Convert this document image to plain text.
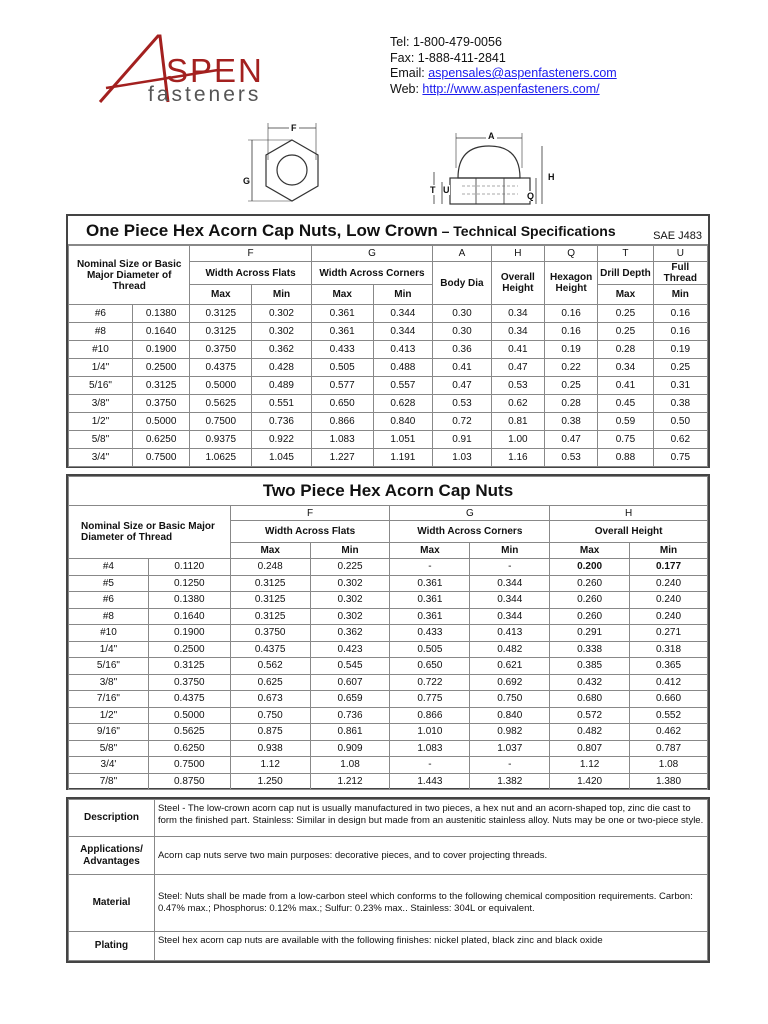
SPEN
fasteners
Tel: 1-800-479-0056
Fax: 1-888-411-2841
Email: aspensales@aspenfasteners.com
Web: http://www.aspenfasteners.com/
F
G
A
H
T U
Q
One Piece Hex Acorn Cap Nuts, Low Crown – Technical Specifications	SAE J483
Nominal Size or Basic Major Diameter of Thread		F		G		A	H	Q	T	U
		Width Across Flats		Width Across Corners		Body Dia	Overall Height	Hexagon Height	Drill Depth	Full Thread
		Max	Min	Max	Min				Max	Min
#6	0.1380	0.3125	0.302	0.361	0.344	0.30	0.34	0.16	0.25	0.16
#8	0.1640	0.3125	0.302	0.361	0.344	0.30	0.34	0.16	0.25	0.16
#10	0.1900	0.3750	0.362	0.433	0.413	0.36	0.41	0.19	0.28	0.19
1/4"	0.2500	0.4375	0.428	0.505	0.488	0.41	0.47	0.22	0.34	0.25
5/16"	0.3125	0.5000	0.489	0.577	0.557	0.47	0.53	0.25	0.41	0.31
3/8"	0.3750	0.5625	0.551	0.650	0.628	0.53	0.62	0.28	0.45	0.38
1/2"	0.5000	0.7500	0.736	0.866	0.840	0.72	0.81	0.38	0.59	0.50
5/8"	0.6250	0.9375	0.922	1.083	1.051	0.91	1.00	0.47	0.75	0.62
3/4"	0.7500	1.0625	1.045	1.227	1.191	1.03	1.16	0.53	0.88	0.75
Two Piece Hex Acorn Cap Nuts							
Nominal Size or Basic Major Diameter of Thread		F		G		H	
		Width Across Flats		Width Across Corners		Overall Height	
		Max	Min	Max	Min	Max	Min
#4	0.1120	0.248	0.225	-	-	0.200	0.177
#5	0.1250	0.3125	0.302	0.361	0.344	0.260	0.240
#6	0.1380	0.3125	0.302	0.361	0.344	0.260	0.240
#8	0.1640	0.3125	0.302	0.361	0.344	0.260	0.240
#10	0.1900	0.3750	0.362	0.433	0.413	0.291	0.271
1/4"	0.2500	0.4375	0.423	0.505	0.482	0.338	0.318
5/16"	0.3125	0.562	0.545	0.650	0.621	0.385	0.365
3/8"	0.3750	0.625	0.607	0.722	0.692	0.432	0.412
7/16"	0.4375	0.673	0.659	0.775	0.750	0.680	0.660
1/2"	0.5000	0.750	0.736	0.866	0.840	0.572	0.552
9/16"	0.5625	0.875	0.861	1.010	0.982	0.482	0.462
5/8"	0.6250	0.938	0.909	1.083	1.037	0.807	0.787
3/4'	0.7500	1.12	1.08	-	-	1.12	1.08
7/8"	0.8750	1.250	1.212	1.443	1.382	1.420	1.380
Description	Steel - The low-crown acorn cap nut is usually manufactured in two pieces, a hex nut and an acorn-shaped top, zinc die cast to form the finished part. Stainless: Similar in design but made from an austenitic stainless alloy. Nuts may be one or two-piece style.
Applications/ Advantages	Acorn cap nuts serve two main purposes: decorative pieces, and to cover projecting threads.
Material	Steel: Nuts shall be made from a low-carbon steel which conforms to the following chemical composition requirements. Carbon: 0.47% max.; Phosphorus: 0.12% max.; Sulfur: 0.23% max.. Stainless: 304L or equivalent.
Plating	Steel hex acorn cap nuts are available with the following finishes: nickel plated, black zinc and black oxide
